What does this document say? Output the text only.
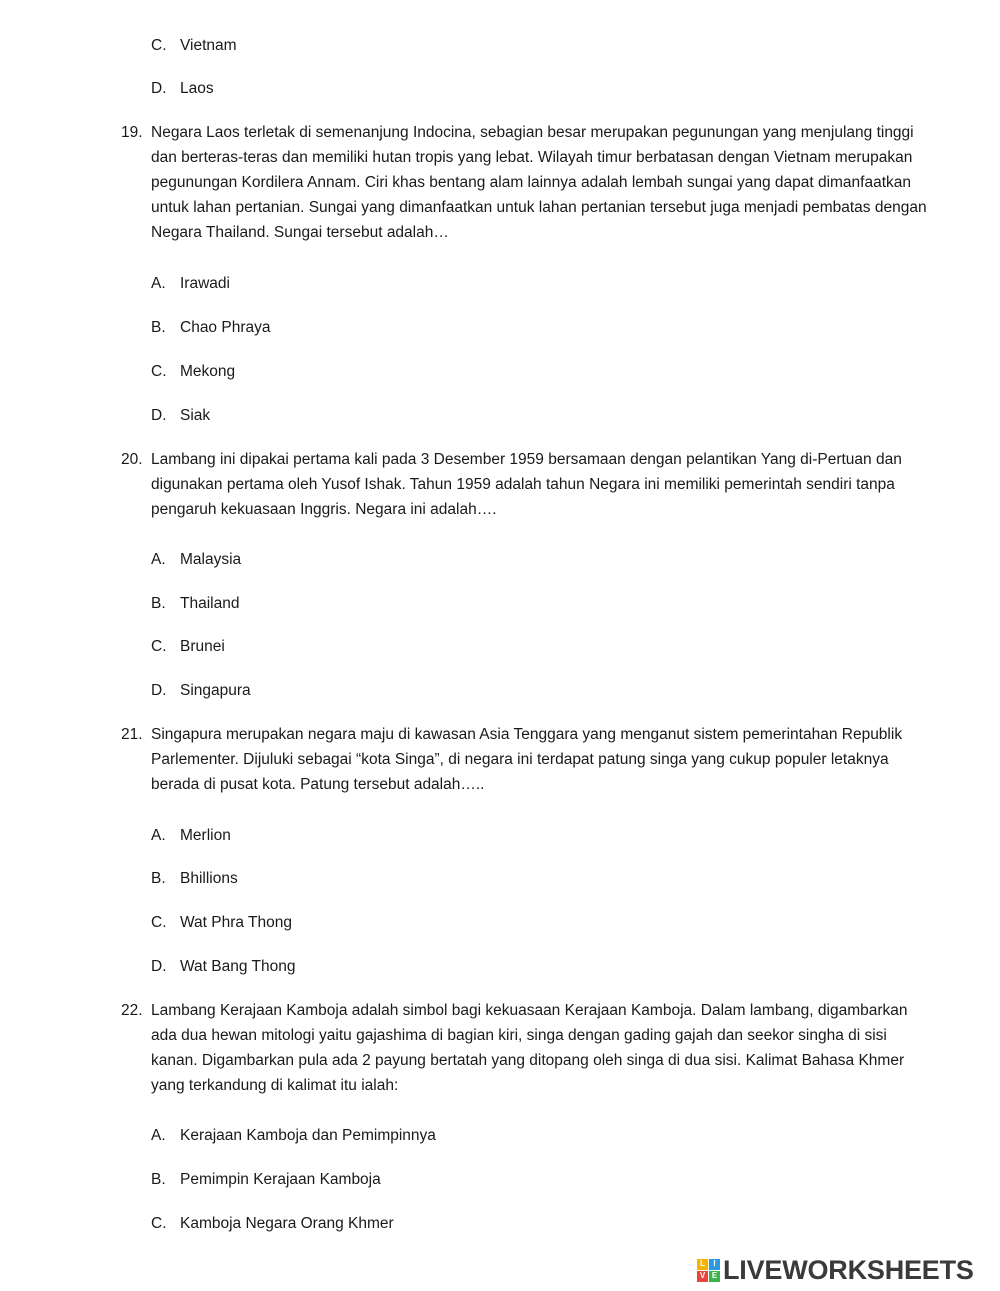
C. Vietnam
D. Laos
19. Negara Laos terletak di semenanjung Indocina, sebagian besar merupakan pegunungan yang menjulang tinggi dan berteras-teras dan memiliki hutan tropis yang lebat. Wilayah timur berbatasan dengan Vietnam merupakan pegunungan Kordilera Annam. Ciri khas bentang alam lainnya adalah lembah sungai yang dapat dimanfaatkan untuk lahan pertanian. Sungai yang dimanfaatkan untuk lahan pertanian tersebut juga menjadi pembatas dengan Negara Thailand. Sungai tersebut adalah…
A. Irawadi
B. Chao Phraya
C. Mekong
D. Siak
20. Lambang ini dipakai pertama kali pada 3 Desember 1959 bersamaan dengan pelantikan Yang di-Pertuan dan digunakan pertama oleh Yusof Ishak. Tahun 1959 adalah tahun Negara ini memiliki pemerintah sendiri tanpa pengaruh kekuasaan Inggris. Negara ini adalah….
A. Malaysia
B. Thailand
C. Brunei
D. Singapura
21. Singapura merupakan negara maju di kawasan Asia Tenggara yang menganut sistem pemerintahan Republik Parlementer. Dijuluki sebagai “kota Singa”, di negara ini terdapat patung singa yang cukup populer letaknya berada di pusat kota. Patung tersebut adalah…..
A. Merlion
B. Bhillions
C. Wat Phra Thong
D. Wat Bang Thong
22. Lambang Kerajaan Kamboja adalah simbol bagi kekuasaan Kerajaan Kamboja. Dalam lambang, digambarkan ada dua hewan mitologi yaitu gajashima di bagian kiri, singa dengan gading gajah dan seekor singha di sisi kanan. Digambarkan pula ada 2 payung bertatah yang ditopang oleh singa di dua sisi. Kalimat Bahasa Khmer yang terkandung di kalimat itu ialah:
A. Kerajaan Kamboja dan Pemimpinnya
B. Pemimpin Kerajaan Kamboja
C. Kamboja Negara Orang Khmer
L	I
V E LIVEWORKSHEETS
